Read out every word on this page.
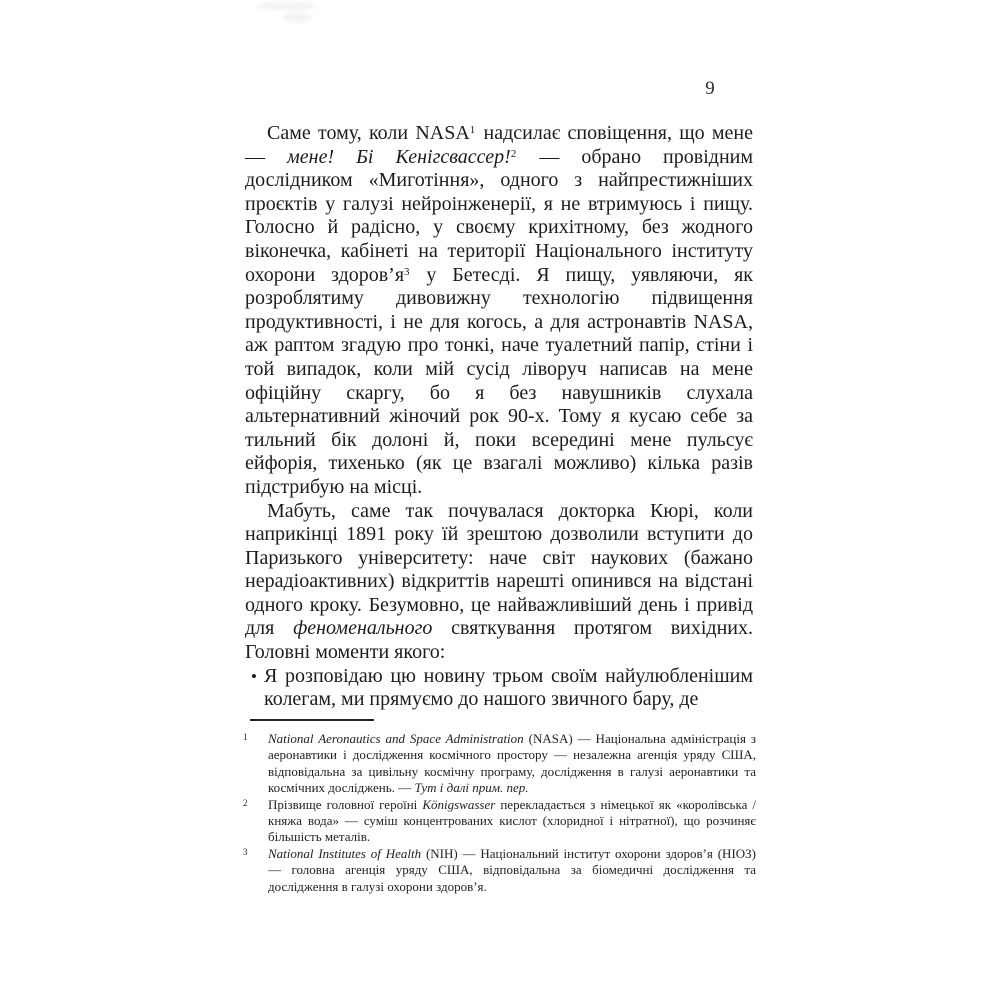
9

Саме тому, коли NASA$^1$ надсилає сповіщення, що мене — мене! Бі Кенігсвассер!$^2$ — обрано провідним дослідником «Миготіння», одного з найпрестижніших проєктів у галузі нейроінженерії, я не втримуюсь і пищу. Голосно й радісно, у своєму крихітному, без жодного віконечка, кабінеті на території Національного інституту охорони здоров’я$^3$ у Бетесді. Я пищу, уявляючи, як розроблятиму дивовижну технологію підвищення продуктивності, і не для когось, а для астронавтів NASA, аж раптом згадую про тонкі, наче туалетний папір, стіни і той випадок, коли мій сусід ліворуч написав на мене офіційну скаргу, бо я без навушників слухала альтернативний жіночий рок 90-х. Тому я кусаю себе за тильний бік долоні й, поки всередині мене пульсує ейфорія, тихенько (як це взагалі можливо) кілька разів підстрибую на місці.

Мабуть, саме так почувалася докторка Кюрі, коли наприкінці 1891 року їй зрештою дозволили вступити до Паризького університету: наче світ наукових (бажано нерадіоактивних) відкриттів нарешті опинився на відстані одного кроку. Безумовно, це найважливіший день і привід для феноменального святкування протягом вихідних. Головні моменти якого:

• Я розповідаю цю новину трьом своїм найулюбленішим колегам, ми прямуємо до нашого звичного бару, де
1 National Aeronautics and Space Administration (NASA) — Національна адміністрація з аеронавтики і дослідження космічного простору — незалежна агенція уряду США, відповідальна за цивільну космічну програму, дослідження в галузі аеронавтики та космічних досліджень. — Тут і далі прим. пер.
2 Прізвище головної героїні Königswasser перекладається з німецької як «королівська / княжа вода» — суміш концентрованих кислот (хлоридної і нітратної), що розчиняє більшість металів.
3 National Institutes of Health (NIH) — Національний інститут охорони здоров’я (НІОЗ) — головна агенція уряду США, відповідальна за біомедичні дослідження та дослідження в галузі охорони здоров’я.
